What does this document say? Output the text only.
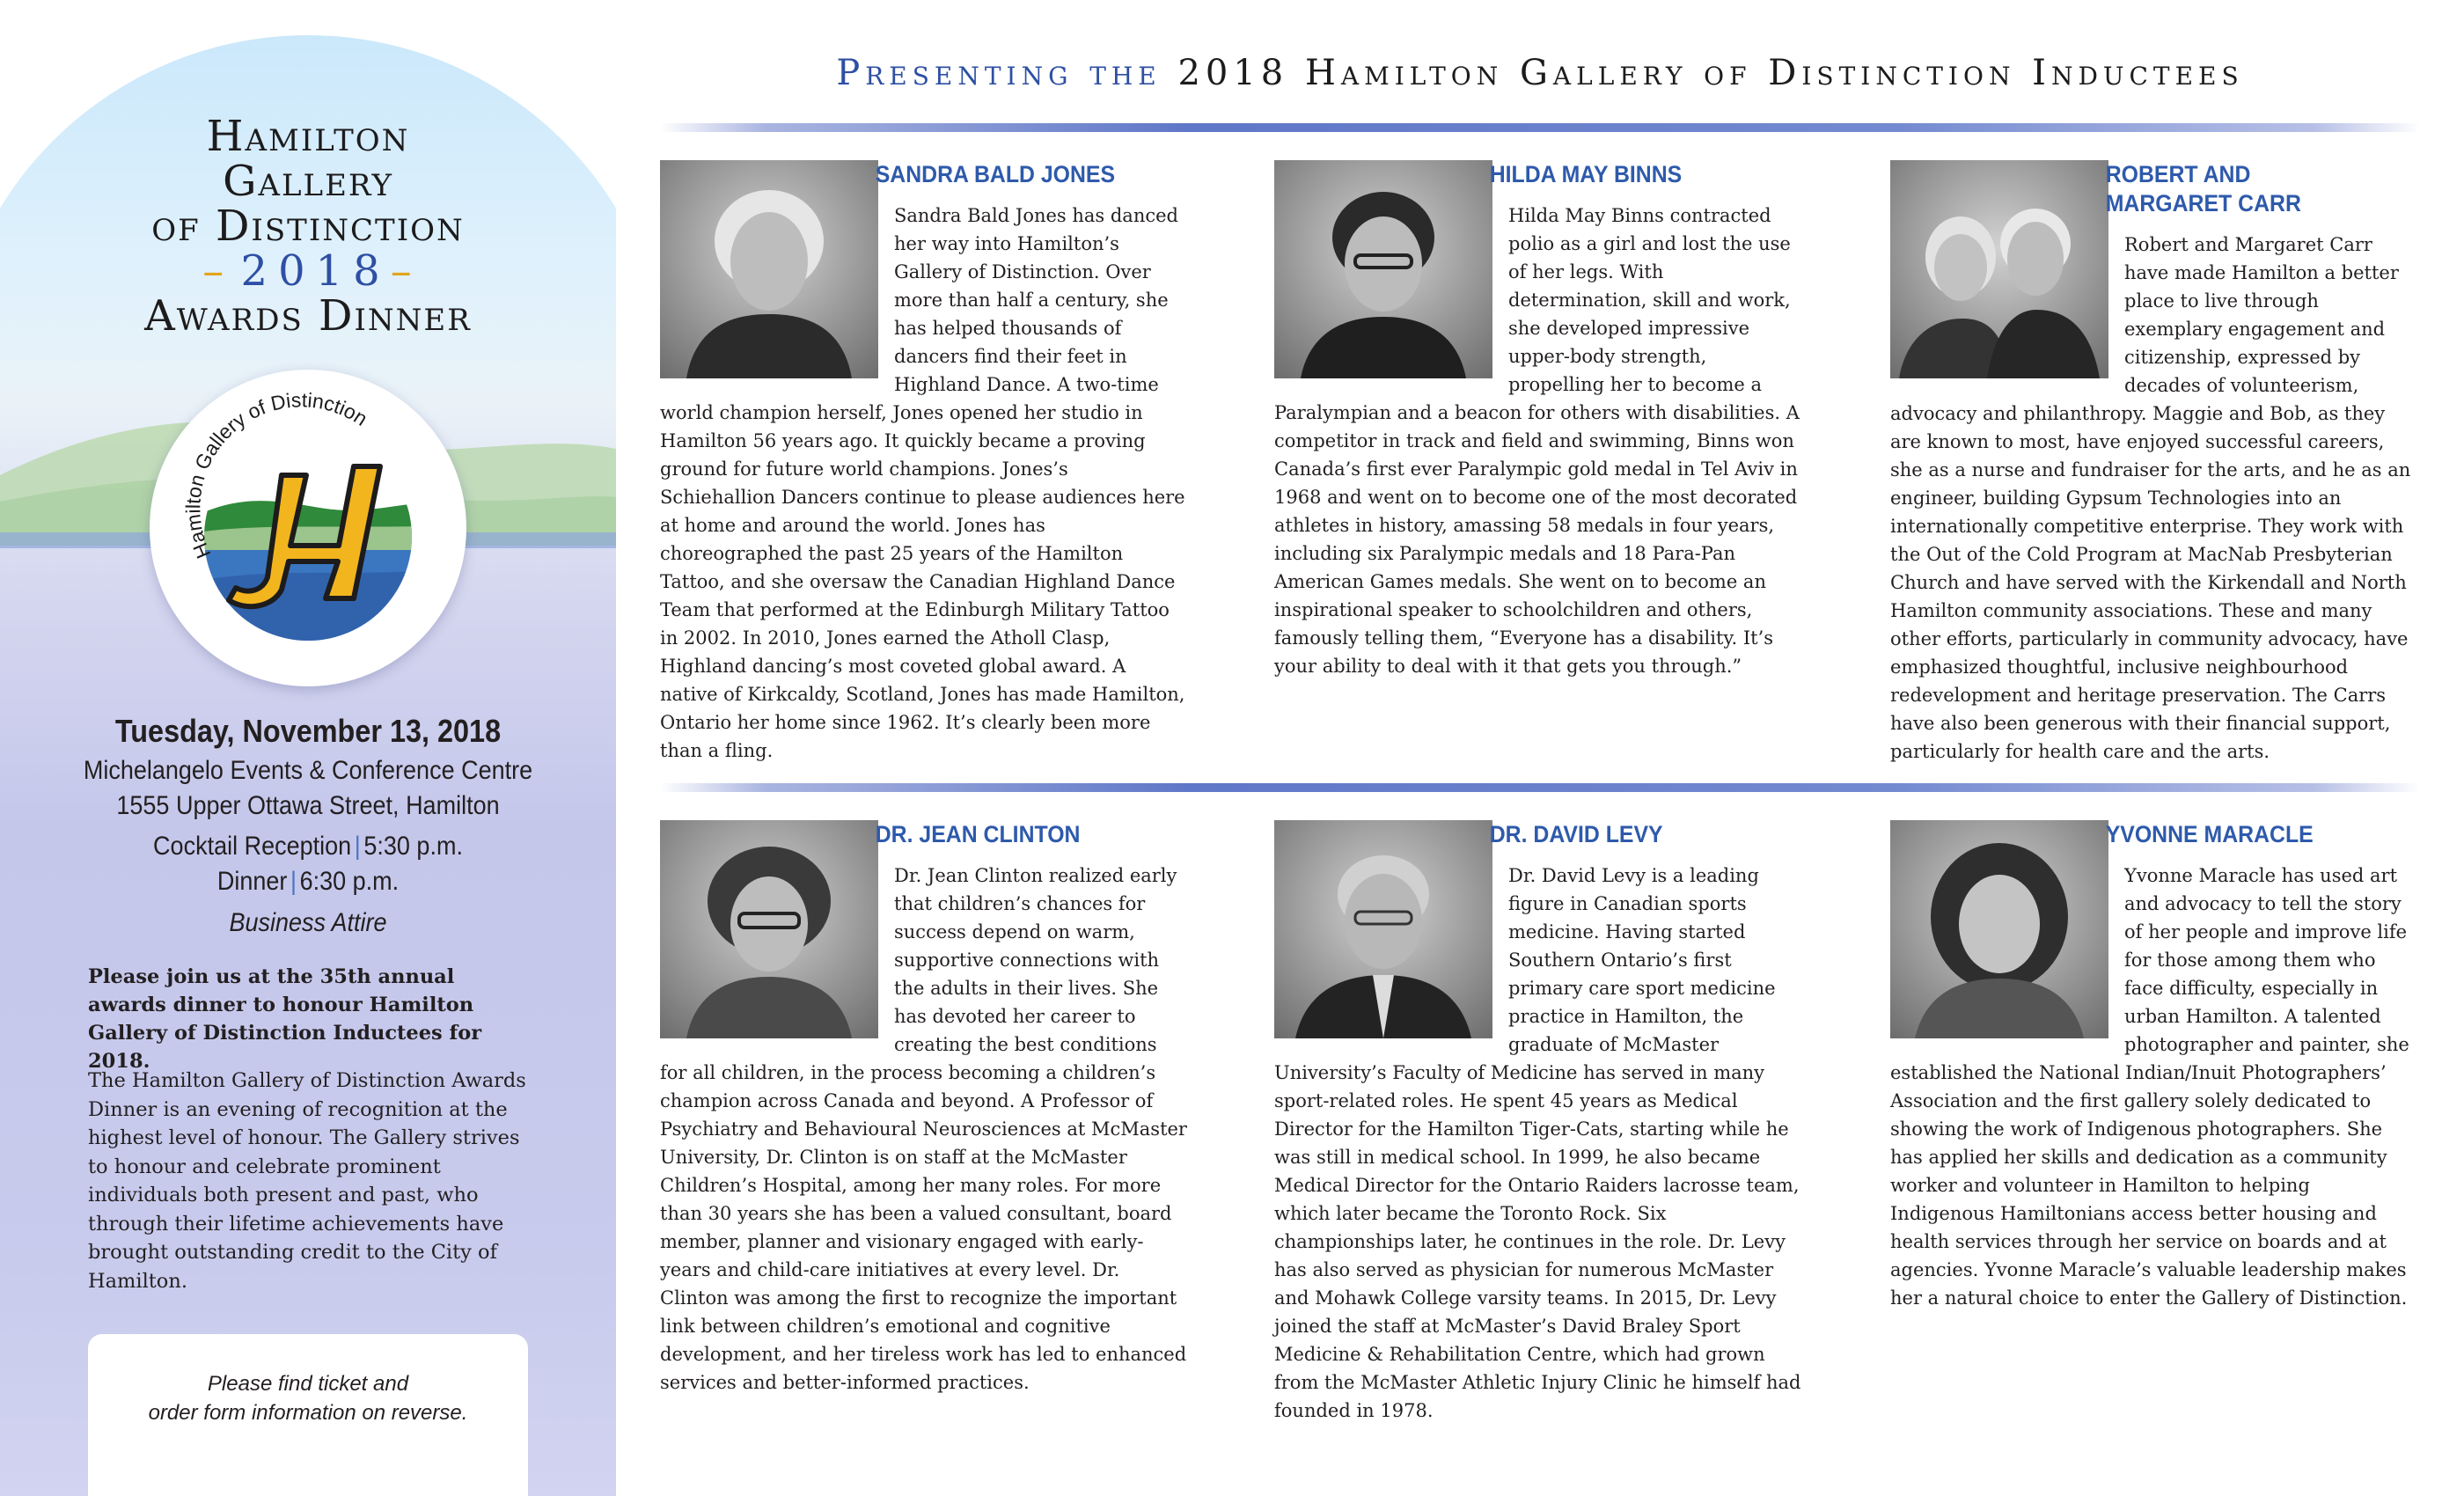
Hamilton
Gallery
of Distinction
– 2018–
Awards Dinner
Hamilton Gallery of Distinction
Tuesday, November 13, 2018
Michelangelo Events & Conference Centre
1555 Upper Ottawa Street, Hamilton
Cocktail Reception | 5:30 p.m.
Dinner | 6:30 p.m.
Business Attire
Please join us at the 35th annual awards dinner to honour Hamilton Gallery of Distinction Inductees for 2018.
The Hamilton Gallery of Distinction Awards Dinner is an evening of recognition at the highest level of honour. The Gallery strives to honour and celebrate prominent individuals both present and past, who through their lifetime achievements have brought outstanding credit to the City of Hamilton.
Please find ticket and
order form information on reverse.
Presenting the 2018 Hamilton Gallery of Distinction Inductees
SANDRA BALD JONES
Sandra Bald Jones has danced her way into Hamilton’s Gallery of Distinction. Over more than half a century, she has helped thousands of dancers find their feet in Highland Dance. A two-time world champion herself, Jones opened her studio in Hamilton 56 years ago. It quickly became a proving ground for future world champions. Jones’s Schiehallion Dancers continue to please audiences here at home and around the world. Jones has choreographed the past 25 years of the Hamilton Tattoo, and she oversaw the Canadian Highland Dance Team that performed at the Edinburgh Military Tattoo in 2002. In 2010, Jones earned the Atholl Clasp, Highland dancing’s most coveted global award. A native of Kirkcaldy, Scotland, Jones has made Hamilton, Ontario her home since 1962. It’s clearly been more than a fling.
HILDA MAY BINNS
Hilda May Binns contracted polio as a girl and lost the use of her legs. With determination, skill and work, she developed impressive upper-body strength, propelling her to become a Paralympian and a beacon for others with disabilities. A competitor in track and field and swimming, Binns won Canada’s first ever Paralympic gold medal in Tel Aviv in 1968 and went on to become one of the most decorated athletes in history, amassing 58 medals in four years, including six Paralympic medals and 18 Para-Pan American Games medals. She went on to become an inspirational speaker to schoolchildren and others, famously telling them, “Everyone has a disability. It’s your ability to deal with it that gets you through.”
ROBERT AND MARGARET CARR
Robert and Margaret Carr have made Hamilton a better place to live through exemplary engagement and citizenship, expressed by decades of volunteerism, advocacy and philanthropy. Maggie and Bob, as they are known to most, have enjoyed successful careers, she as a nurse and fundraiser for the arts, and he as an engineer, building Gypsum Technologies into an internationally competitive enterprise. They work with the Out of the Cold Program at MacNab Presbyterian Church and have served with the Kirkendall and North Hamilton community associations. These and many other efforts, particularly in community advocacy, have emphasized thoughtful, inclusive neighbourhood redevelopment and heritage preservation. The Carrs have also been generous with their financial support, particularly for health care and the arts.
DR. JEAN CLINTON
Dr. Jean Clinton realized early that children’s chances for success depend on warm, supportive connections with the adults in their lives. She has devoted her career to creating the best conditions for all children, in the process becoming a children’s champion across Canada and beyond. A Professor of Psychiatry and Behavioural Neurosciences at McMaster University, Dr. Clinton is on staff at the McMaster Children’s Hospital, among her many roles. For more than 30 years she has been a valued consultant, board member, planner and visionary engaged with early-years and child-care initiatives at every level. Dr. Clinton was among the first to recognize the important link between children’s emotional and cognitive development, and her tireless work has led to enhanced services and better-informed practices.
DR. DAVID LEVY
Dr. David Levy is a leading figure in Canadian sports medicine. Having started Southern Ontario’s first primary care sport medicine practice in Hamilton, the graduate of McMaster University’s Faculty of Medicine has served in many sport-related roles. He spent 45 years as Medical Director for the Hamilton Tiger-Cats, starting while he was still in medical school. In 1999, he also became Medical Director for the Ontario Raiders lacrosse team, which later became the Toronto Rock. Six championships later, he continues in the role. Dr. Levy has also served as physician for numerous McMaster and Mohawk College varsity teams. In 2015, Dr. Levy joined the staff at McMaster’s David Braley Sport Medicine & Rehabilitation Centre, which had grown from the McMaster Athletic Injury Clinic he himself had founded in 1978.
YVONNE MARACLE
Yvonne Maracle has used art and advocacy to tell the story of her people and improve life for those among them who face difficulty, especially in urban Hamilton. A talented photographer and painter, she established the National Indian/Inuit Photographers’ Association and the first gallery solely dedicated to showing the work of Indigenous photographers. She has applied her skills and dedication as a community worker and volunteer in Hamilton to helping Indigenous Hamiltonians access better housing and health services through her service on boards and at agencies. Yvonne Maracle’s valuable leadership makes her a natural choice to enter the Gallery of Distinction.
